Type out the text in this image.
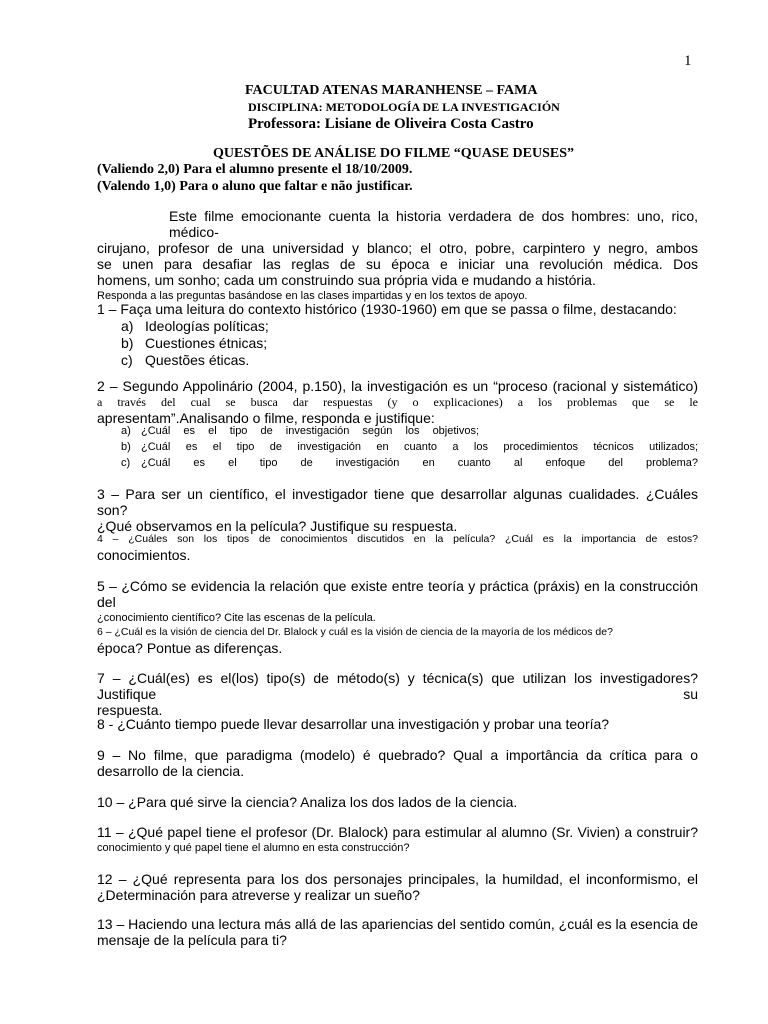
1
FACULTAD ATENAS MARANHENSE – FAMA
DISCIPLINA: METODOLOGÍA DE LA INVESTIGACIÓN
Professora: Lisiane de Oliveira Costa Castro
QUESTÕES DE ANÁLISE DO FILME “QUASE DEUSES”
(Valiendo 2,0) Para el alumno presente el 18/10/2009.
(Valendo 1,0) Para o aluno que faltar e não justificar.
Este filme emocionante cuenta la historia verdadera de dos hombres: uno, rico, médico-
cirujano, profesor de una universidad y blanco; el otro, pobre, carpintero y negro, ambos
se unen para desafiar las reglas de su época e iniciar una revolución médica. Dos
homens, um sonho; cada um construindo sua própria vida e mudando a história.
Responda a las preguntas basándose en las clases impartidas y en los textos de apoyo.
1 – Faça uma leitura do contexto histórico (1930-1960) em que se passa o filme, destacando:
a) Ideologías políticas;
b) Cuestiones étnicas;
c) Questões éticas.
2 – Segundo Appolinário (2004, p.150), la investigación es un “proceso (racional y sistemático)
a través del cual se busca dar respuestas (y o explicaciones) a los problemas que se le
apresentam”.Analisando o filme, responda e justifique:
a) ¿Cuál es el tipo de investigación según los objetivos;
b) ¿Cuál es el tipo de investigación en cuanto a los procedimientos técnicos utilizados;
c) ¿Cuál es el tipo de investigación en cuanto al enfoque del problema?
3 – Para ser un científico, el investigador tiene que desarrollar algunas cualidades. ¿Cuáles son?
¿Qué observamos en la película? Justifique su respuesta.
4 – ¿Cuáles son los tipos de conocimientos discutidos en la película? ¿Cuál es la importancia de estos?
conocimientos.
5 – ¿Cómo se evidencia la relación que existe entre teoría y práctica (práxis) en la construcción del
¿conocimiento científico? Cite las escenas de la película.
6 – ¿Cuál es la visión de ciencia del Dr. Blalock y cuál es la visión de ciencia de la mayoría de los médicos de?
época? Pontue as diferenças.
7 – ¿Cuál(es) es el(los) tipo(s) de método(s) y técnica(s) que utilizan los investigadores? Justifique su
respuesta.
8 - ¿Cuánto tiempo puede llevar desarrollar una investigación y probar una teoría?
9 – No filme, que paradigma (modelo) é quebrado? Qual a importância da crítica para o
desarrollo de la ciencia.
10 – ¿Para qué sirve la ciencia? Analiza los dos lados de la ciencia.
11 – ¿Qué papel tiene el profesor (Dr. Blalock) para estimular al alumno (Sr. Vivien) a construir?
conocimiento y qué papel tiene el alumno en esta construcción?
12 – ¿Qué representa para los dos personajes principales, la humildad, el inconformismo, el
¿Determinación para atreverse y realizar un sueño?
13 – Haciendo una lectura más allá de las apariencias del sentido común, ¿cuál es la esencia de
mensaje de la película para ti?
